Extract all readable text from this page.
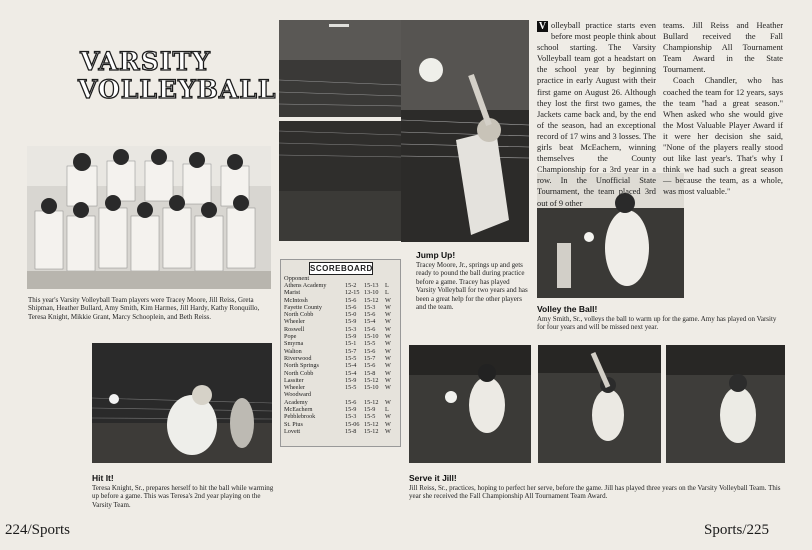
VARSITY
VOLLEYBALL
This year's Varsity Volleyball Team players were Tracey Moore, Jill Reiss, Greta Shipman, Heather Bullard, Amy Smith, Kim Harmes, Jill Hardy, Kathy Ronquillo, Teresa Knight, Mikkie Grant, Marcy Schooplein, and Beth Reiss.
Hit It!
Teresa Knight, Sr., prepares herself to hit the ball while warming up before a game. This was Teresa's 2nd year playing on the Varsity Team.
Jump Up!
Tracey Moore, Jr., springs up and gets ready to pound the ball during practice before a game. Tracey has played Varsity Volleyball for two years and has been a great help for the other players and the team.
SCOREBOARD
Opponent
Athens Academy	15-2 15-13 L
Marist	12-15 13-10 L
McIntosh	15-6 15-12 W
Fayette County	15-6 15-3 W
North Cobb	15-0 15-6 W
Wheeler	15-9 15-4 W
Roswell	15-3 15-6 W
Pope	15-9 15-10 W
Smyrna	15-1 15-5 W
Walton	15-7 15-6 W
Riverwood	15-5 15-7 W
North Springs	15-4 15-6 W
North Cobb	15-4 15-8 W
Lassiter	15-9 15-12 W
Wheeler	15-5 15-10 W
Woodward
Academy	15-6 15-12 W
McEachern	15-9 15-9 L
Pebblebrook	15-3 15-5 W
St. Pius	15-06 15-12 W
Lovett	15-8 15-12 W
Volley the Ball!
Amy Smith, Sr., volleys the ball to warm up for the game. Amy has played on Varsity for four years and will be missed next year.
V olleyball practice starts even before most people think about school starting. The Varsity Volleyball team got a headstart on the school year by beginning practice in early August with their first game on August 26. Although they lost the first two games, the Jackets came back and, by the end of the season, had an exceptional record of 17 wins and 3 losses. The girls beat McEachern, winning themselves the County Championship for a 3rd year in a row. In the Unofficial State Tournament, the team placed 3rd out of 9 other
teams. Jill Reiss and Heather Bullard received the Fall Championship All Tournament Team Award in the State Tournament.
Coach Chandler, who has coached the team for 12 years, says the team "had a great season." When asked who she would give the Most Valuable Player Award if it were her decision she said, "None of the players really stood out like last year's. That's why I think we had such a great season — because the team, as a whole, was most valuable."
Serve it Jill!
Jill Reiss, Sr., practices, hoping to perfect her serve, before the game. Jill has played three years on the Varsity Volleyball Team. This year she received the Fall Championship All Tournament Team Award.
224/Sports	Sports/225
